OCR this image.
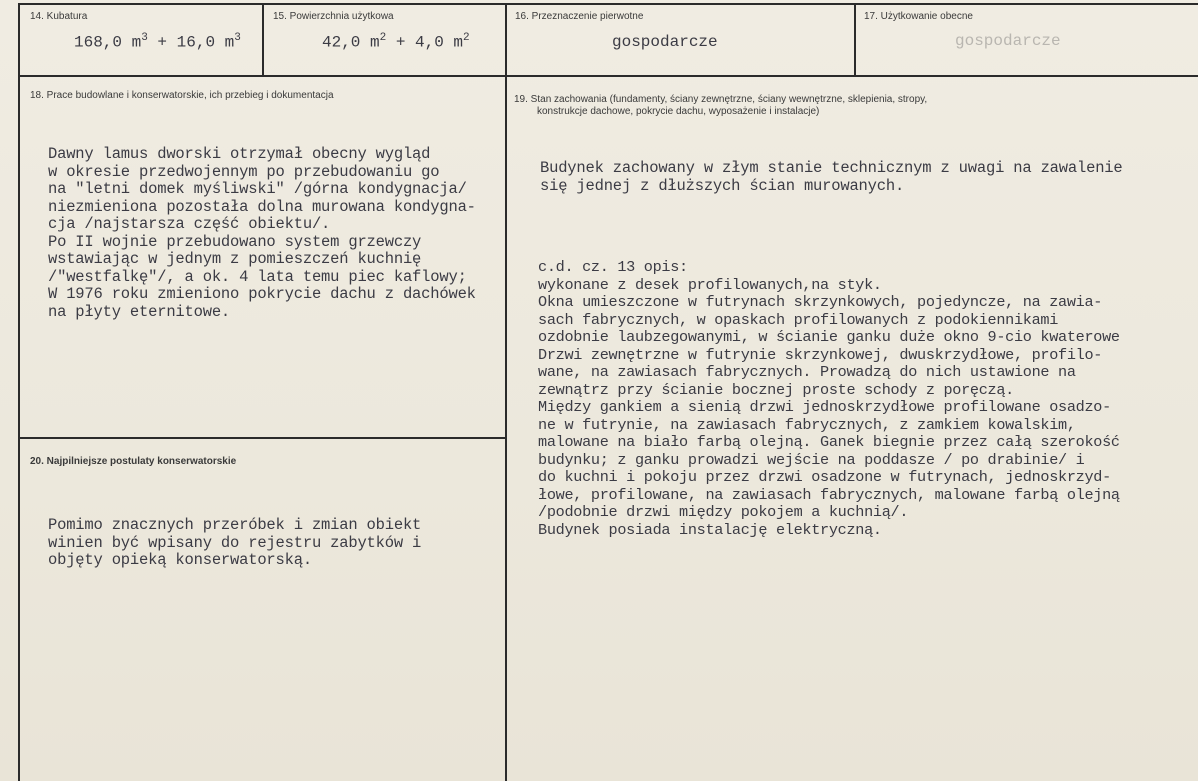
14. Kubatura
168,0 $m^3 + 16,0$ $m^3$
15. Powierzchnia użytkowa
42,0 $m^2 + 4,0$ $m^2$
16. Przeznaczenie pierwotne
gospodarcze
17. Użytkowanie obecne
gospodarcze
18. Prace budowlane i konserwatorskie, ich przebieg i dokumentacja
Dawny lamus dworski otrzymał obecny wygląd
w okresie przedwojennym po przebudowaniu go
na "letni domek myśliwski" /górna kondygnacja/
niezmieniona pozostała dolna murowana kondygna-
cja /najstarsza część obiektu/.
Po II wojnie przebudowano system grzewczy
wstawiając w jednym z pomieszczeń kuchnię
/"westfalkę"/, a ok. 4 lata temu piec kaflowy;
W 1976 roku zmieniono pokrycie dachu z dachówek
na płyty eternitowe.
19. Stan zachowania (fundamenty, ściany zewnętrzne, ściany wewnętrzne, sklepienia, stropy,
konstrukcje dachowe, pokrycie dachu, wyposażenie i instalacje)
Budynek zachowany w złym stanie technicznym z uwagi na zawalenie
się jednej z dłuższych ścian murowanych.
c.d. cz. 13 opis:
wykonane z desek profilowanych,na styk.
Okna umieszczone w futrynach skrzynkowych, pojedyncze, na zawia-
sach fabrycznych, w opaskach profilowanych z podokiennikami
ozdobnie laubzegowanymi, w ścianie ganku duże okno 9-cio kwaterowe
Drzwi zewnętrzne w futrynie skrzynkowej, dwuskrzydłowe, profilo-
wane, na zawiasach fabrycznych. Prowadzą do nich ustawione na
zewnątrz przy ścianie bocznej proste schody z poręczą.
Między gankiem a sienią drzwi jednoskrzydłowe profilowane osadzo-
ne w futrynie, na zawiasach fabrycznych, z zamkiem kowalskim,
malowane na biało farbą olejną. Ganek biegnie przez całą szerokość
budynku; z ganku prowadzi wejście na poddasze / po drabinie/ i
do kuchni i pokoju przez drzwi osadzone w futrynach, jednoskrzyd-
łowe, profilowane, na zawiasach fabrycznych, malowane farbą olejną
/podobnie drzwi między pokojem a kuchnią/.
Budynek posiada instalację elektryczną.
20. Najpilniejsze postulaty konserwatorskie
Pomimo znacznych przeróbek i zmian obiekt
winien być wpisany do rejestru zabytków i
objęty opieką konserwatorską.
